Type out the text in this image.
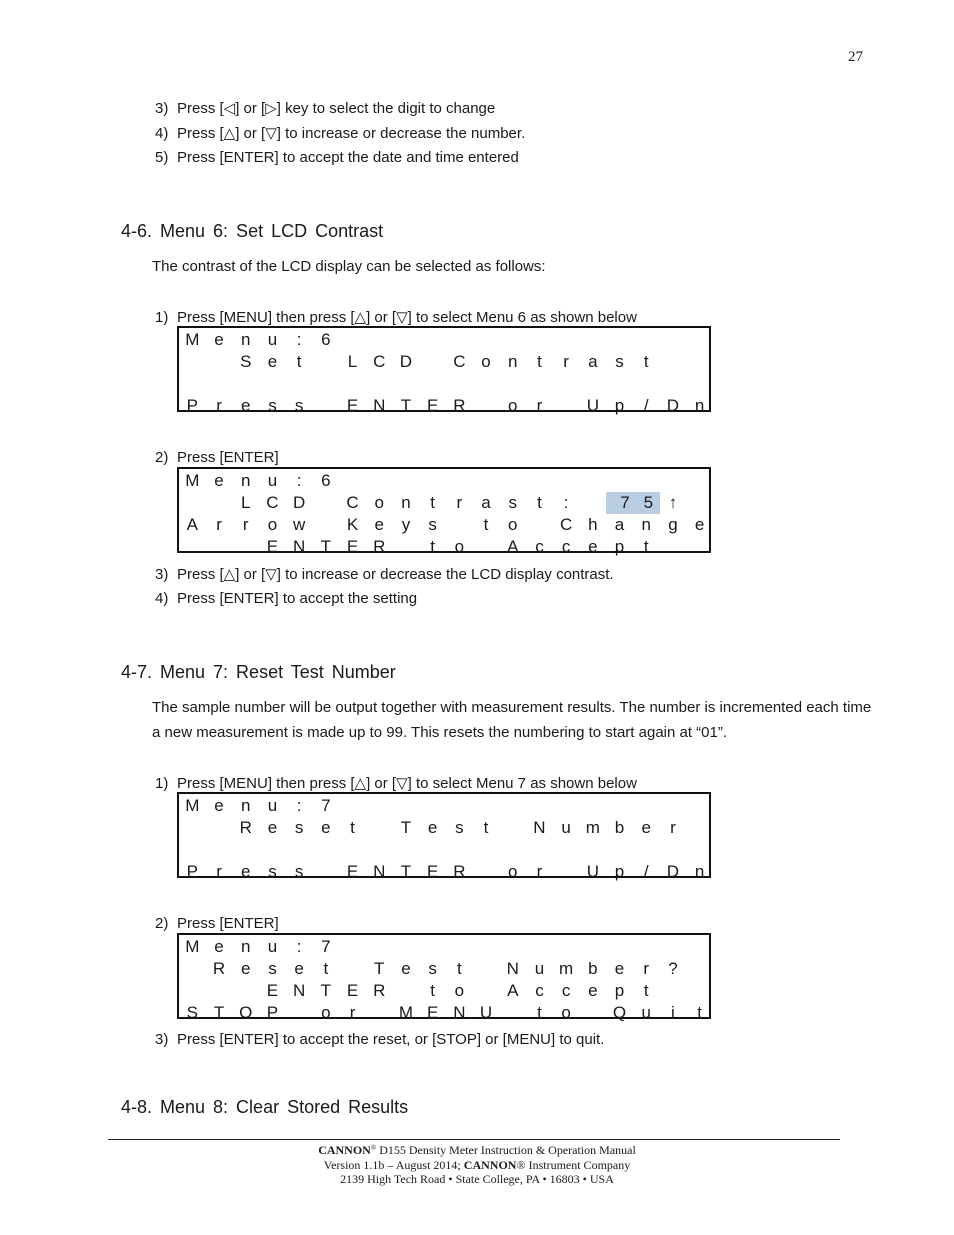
27
3) Press [◁] or [▷] key to select the digit to change
4) Press [△] or [▽] to increase or decrease the number.
5) Press [ENTER] to accept the date and time entered
4-6. Menu 6: Set LCD Contrast
The contrast of the LCD display can be selected as follows:
1) Press [MENU] then press [△] or [▽] to select Menu 6 as shown below
P	r	e	s	s	E N T E R	o	r	U p	/	D n
S e	t	L C D	C o	n	t	r	a	s	t
M e	n	u	:	6
2) Press [ENTER]
E N T E R	t	o	A c	c	e	p	t
A	r	r	o w	K e	y	s	t	o	C h	a	n	g	e
L C D	C o	n	t	r	a	s	t	:
M e	n	u	:	6
75 ↑
3) Press [△] or [▽] to increase or decrease the LCD display contrast.
4) Press [ENTER] to accept the setting
4-7. Menu 7: Reset Test Number
The sample number will be output together with measurement results. The number is incremented each time a new measurement is made up to 99. This resets the numbering to start again at “01”.
1) Press [MENU] then press [△] or [▽] to select Menu 7 as shown below
P	r	e	s	s	E N T E R	o	r	U p	/	D n
R e	s	e	t	T e	s	t	N u m b	e	r
M e	n	u	:	7
2) Press [ENTER]
S T O P	o	r	M E N U	t	o	Q u	i	t
E N T E R	t	o	A c	c	e	p	t
R e	s	e	t	T e	s	t	N u m b	e	r	?
M e	n	u	:	7
3) Press [ENTER] to accept the reset, or [STOP] or [MENU] to quit.
4-8. Menu 8: Clear Stored Results
CANNON® D155 Density Meter Instruction & Operation Manual
Version 1.1b – August 2014; CANNON® Instrument Company
2139 High Tech Road • State College, PA • 16803 • USA
